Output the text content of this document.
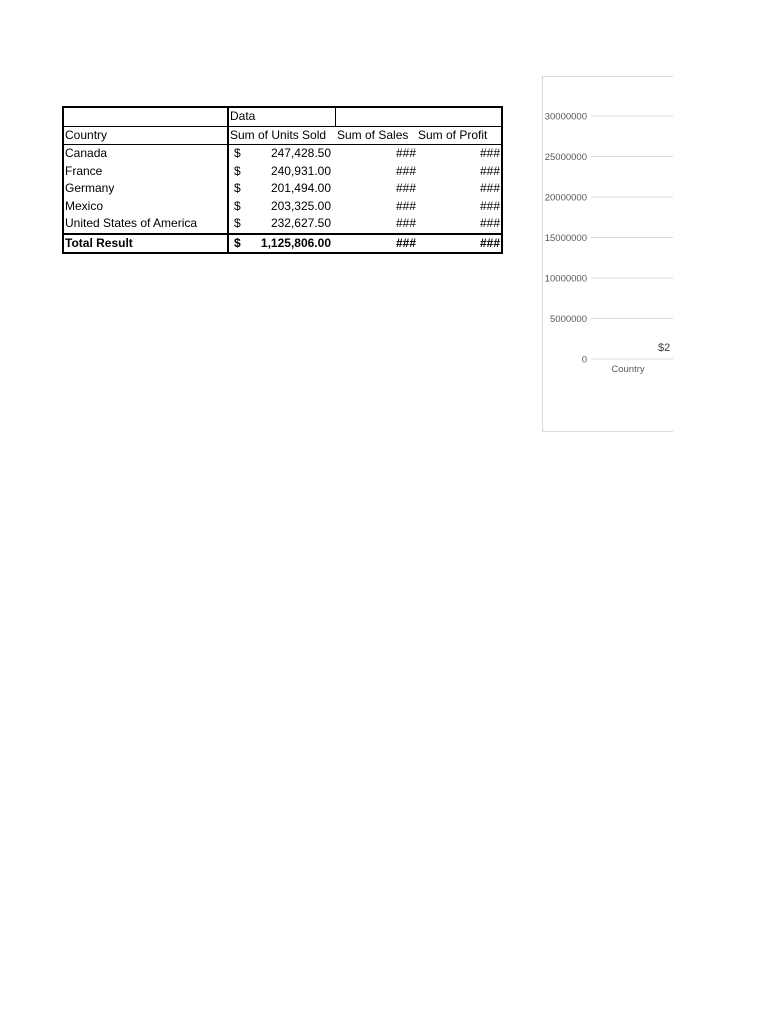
	Data		
Country	Sum of Units Sold	Sum of Sales	Sum of Profit
Canada	$ 247,428.50	###	###
France	$ 240,931.00	###	###
Germany	$ 201,494.00	###	###
Mexico	$ 203,325.00	###	###
United States of America	$ 232,627.50	###	###
Total Result	$ 1,125,806.00	###	###
30000000
25000000
20000000
15000000
10000000
5000000
0
Country
$2
